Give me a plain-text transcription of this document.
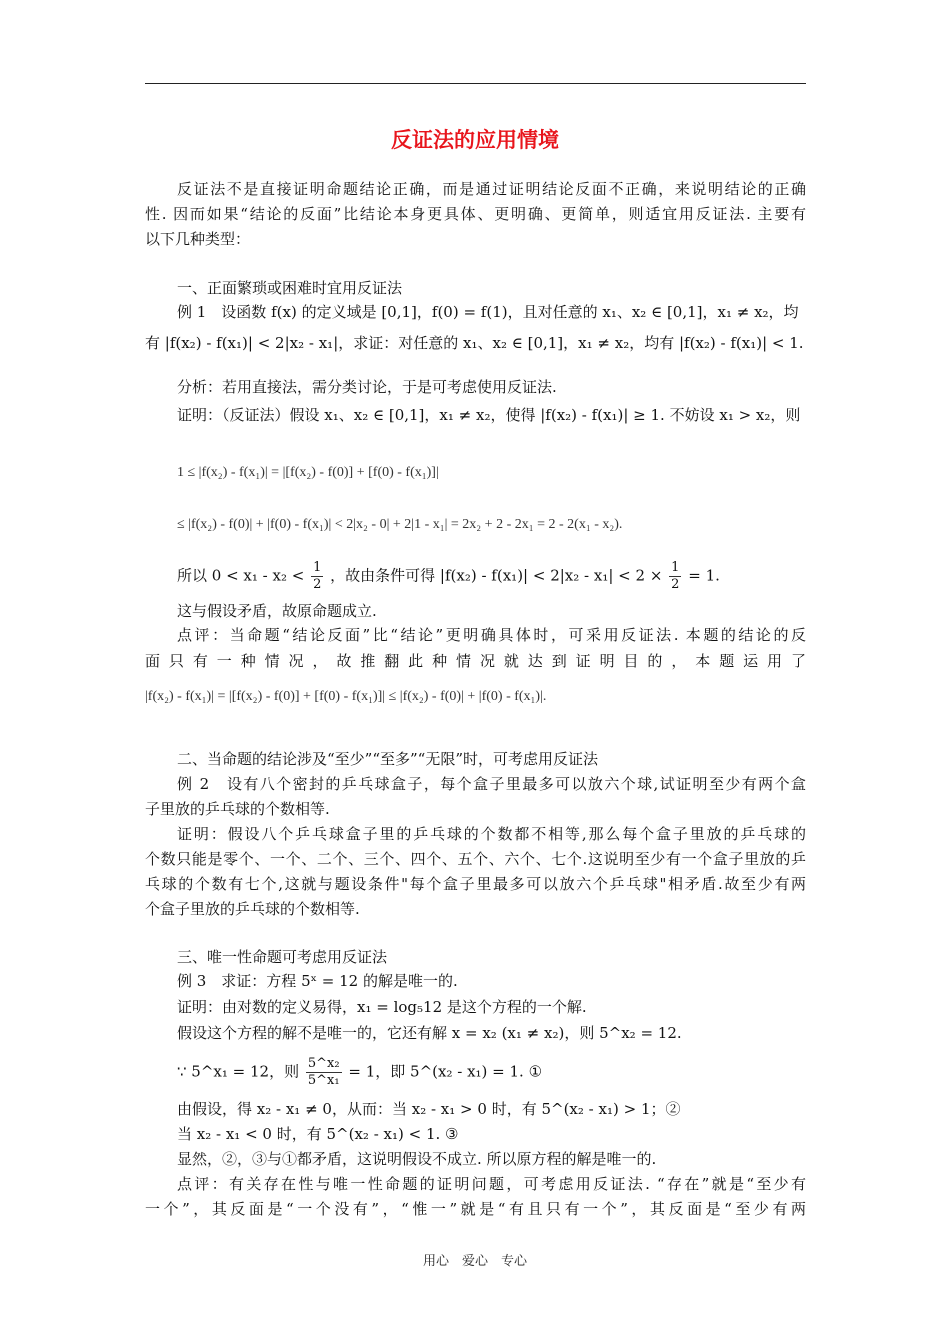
反证法的应用情境
反证法不是直接证明命题结论正确，而是通过证明结论反面不正确，来说明结论的正确
性. 因而如果“结论的反面”比结论本身更具体、更明确、更简单，则适宜用反证法. 主要有
以下几种类型：
一、正面繁琐或困难时宜用反证法
例 1　设函数 f(x) 的定义域是 [0,1]，f(0) = f(1)，且对任意的 x₁、x₂ ∈ [0,1]，x₁ ≠ x₂，均
有 |f(x₂) - f(x₁)| < 2|x₂ - x₁|，求证：对任意的 x₁、x₂ ∈ [0,1]，x₁ ≠ x₂，均有 |f(x₂) - f(x₁)| < 1.
分析：若用直接法，需分类讨论，于是可考虑使用反证法.
证明：（反证法）假设 x₁、x₂ ∈ [0,1]，x₁ ≠ x₂，使得 |f(x₂) - f(x₁)| ≥ 1. 不妨设 x₁ > x₂，则
1 ≤ |f(x₂) - f(x₁)| = |[f(x₂) - f(0)] + [f(0) - f(x₁)]|
≤ |f(x₂) - f(0)| + |f(0) - f(x₁)| < 2|x₂ - 0| + 2|1 - x₁| = 2x₂ + 2 - 2x₁ = 2 - 2(x₁ - x₂).
所以 $0 < x_1 - x_2 < \frac{1}{2}$ ，故由条件可得 $|f(x_2) - f(x_1)| < 2|x_2 - x_1| < 2 \times \frac{1}{2} = 1$.
这与假设矛盾，故原命题成立.
点评：当命题“结论反面”比“结论”更明确具体时，可采用反证法. 本题的结论的反
面只有一种情况，故推翻此种情况就达到证明目的，本题运用了
|f(x₂) - f(x₁)| = |[f(x₂) - f(0)] + [f(0) - f(x₁)]| ≤ |f(x₂) - f(0)| + |f(0) - f(x₁)|.
二、当命题的结论涉及“至少”“至多”“无限”时，可考虑用反证法
例 2　设有八个密封的乒乓球盒子，每个盒子里最多可以放六个球,试证明至少有两个盒
子里放的乒乓球的个数相等.
证明：假设八个乒乓球盒子里的乒乓球的个数都不相等,那么每个盒子里放的乒乓球的
个数只能是零个、一个、二个、三个、四个、五个、六个、七个.这说明至少有一个盒子里放的乒
乓球的个数有七个,这就与题设条件"每个盒子里最多可以放六个乒乓球"相矛盾.故至少有两
个盒子里放的乒乓球的个数相等.
三、唯一性命题可考虑用反证法
例 3　求证：方程 5ˣ = 12 的解是唯一的.
证明：由对数的定义易得，x₁ = log₅12 是这个方程的一个解.
假设这个方程的解不是唯一的，它还有解 x = x₂ (x₁ ≠ x₂)，则 5^x₂ = 12.
∵ 5^x₁ = 12，则 $\frac{\text{5\textasciicircum{}x₂}}{\text{5\textasciicircum{}x₁}} = 1$，即 5^(x₂ - x₁) = 1. ①
由假设，得 x₂ - x₁ ≠ 0，从而：当 x₂ - x₁ > 0 时，有 5^(x₂ - x₁) > 1；②
当 x₂ - x₁ < 0 时，有 5^(x₂ - x₁) < 1. ③
显然，②，③与①都矛盾，这说明假设不成立. 所以原方程的解是唯一的.
点评：有关存在性与唯一性命题的证明问题，可考虑用反证法. “存在”就是“至少有
一个”，其反面是“一个没有”，“惟一”就是“有且只有一个”，其反面是“至少有两
用心　爱心　专心
